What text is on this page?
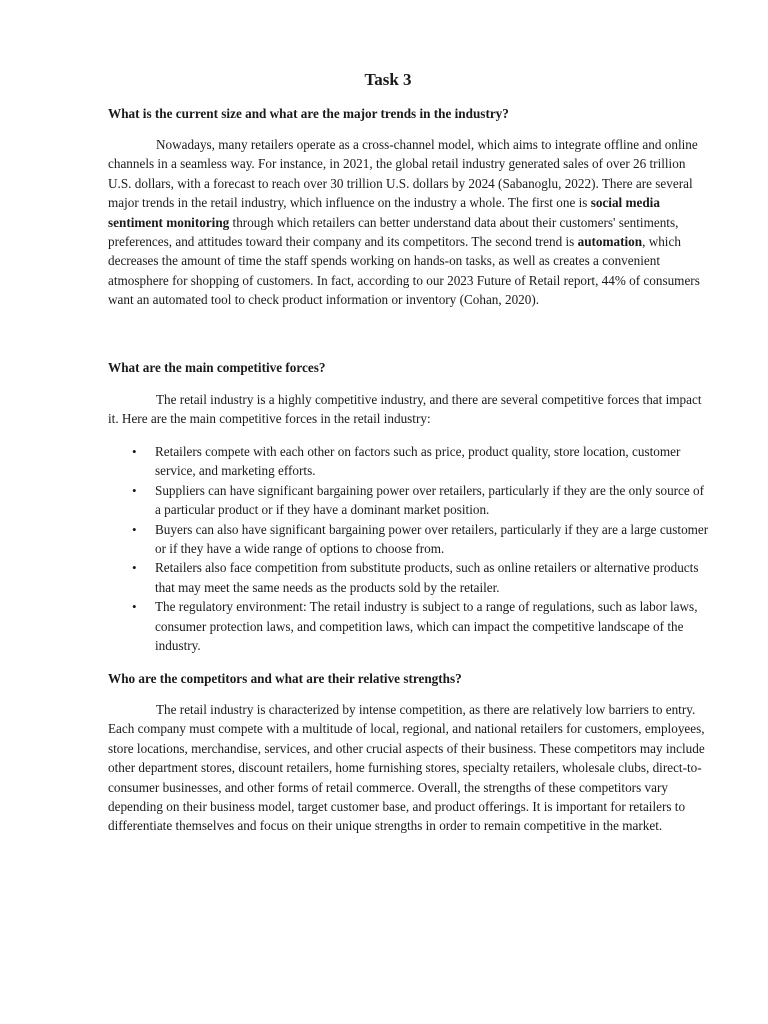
Task 3

What is the current size and what are the major trends in the industry?

Nowadays, many retailers operate as a cross-channel model, which aims to integrate offline and online channels in a seamless way. For instance, in 2021, the global retail industry generated sales of over 26 trillion U.S. dollars, with a forecast to reach over 30 trillion U.S. dollars by 2024 (Sabanoglu, 2022). There are several major trends in the retail industry, which influence on the industry a whole. The first one is social media sentiment monitoring through which retailers can better understand data about their customers' sentiments, preferences, and attitudes toward their company and its competitors. The second trend is automation, which decreases the amount of time the staff spends working on hands-on tasks, as well as creates a convenient atmosphere for shopping of customers. In fact, according to our 2023 Future of Retail report, 44% of consumers want an automated tool to check product information or inventory (Cohan, 2020).

What are the main competitive forces?

The retail industry is a highly competitive industry, and there are several competitive forces that impact it. Here are the main competitive forces in the retail industry:

• Retailers compete with each other on factors such as price, product quality, store location, customer service, and marketing efforts.
• Suppliers can have significant bargaining power over retailers, particularly if they are the only source of a particular product or if they have a dominant market position.
• Buyers can also have significant bargaining power over retailers, particularly if they are a large customer or if they have a wide range of options to choose from.
• Retailers also face competition from substitute products, such as online retailers or alternative products that may meet the same needs as the products sold by the retailer.
• The regulatory environment: The retail industry is subject to a range of regulations, such as labor laws, consumer protection laws, and competition laws, which can impact the competitive landscape of the industry.

Who are the competitors and what are their relative strengths?

The retail industry is characterized by intense competition, as there are relatively low barriers to entry. Each company must compete with a multitude of local, regional, and national retailers for customers, employees, store locations, merchandise, services, and other crucial aspects of their business. These competitors may include other department stores, discount retailers, home furnishing stores, specialty retailers, wholesale clubs, direct-to-consumer businesses, and other forms of retail commerce. Overall, the strengths of these competitors vary depending on their business model, target customer base, and product offerings. It is important for retailers to differentiate themselves and focus on their unique strengths in order to remain competitive in the market.
